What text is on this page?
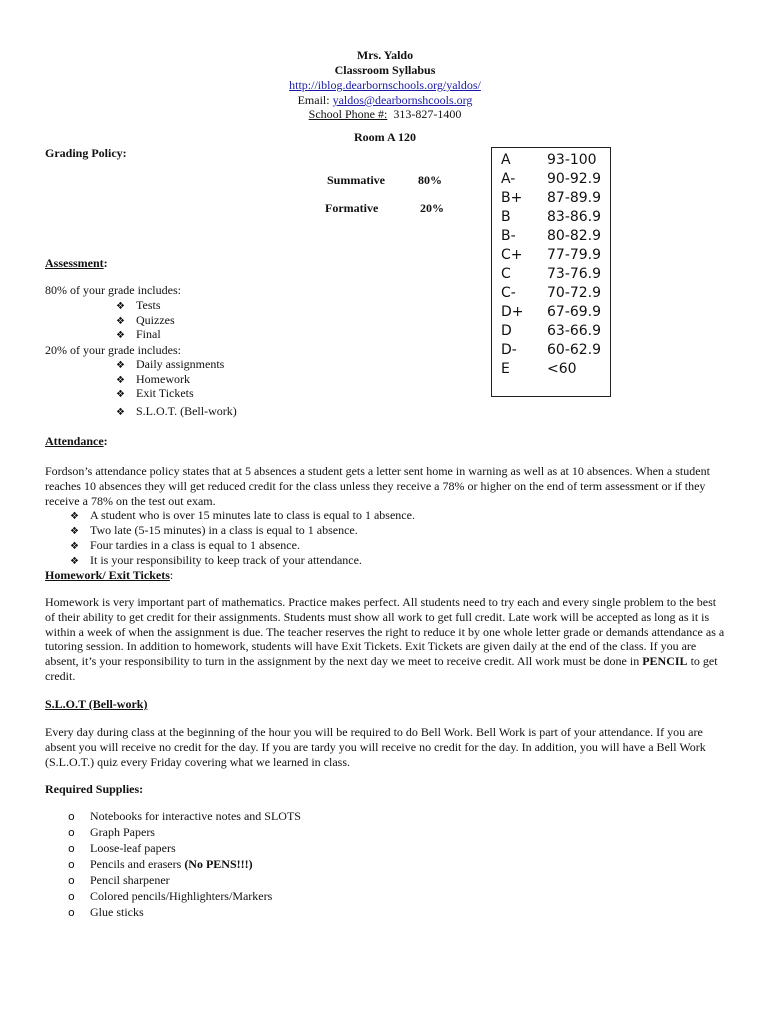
Mrs. Yaldo
Classroom Syllabus
http://iblog.dearbornschools.org/yaldos/
Email: yaldos@dearbornshcools.org
School Phone #: 313-827-1400
Room A 120
Grading Policy:
Summative	80%
Formative	20%
A	93-100
A- 90-92.9
B+ 87-89.9
B	83-86.9
B- 80-82.9
C+ 77-79.9
C	73-76.9
C- 70-72.9
D+ 67-69.9
D	63-66.9
D- 60-62.9
E	<60
Assessment:
80% of your grade includes:
❖ Tests
❖ Quizzes
❖ Final
20% of your grade includes:
❖ Daily assignments
❖ Homework
❖ Exit Tickets
❖ S.L.O.T. (Bell-work)
Attendance:
Fordson’s attendance policy states that at 5 absences a student gets a letter sent home in warning as well as at 10 absences. When a student reaches 10 absences they will get reduced credit for the class unless they receive a 78% or higher on the end of term assessment or if they receive a 78% on the test out exam.
❖ A student who is over 15 minutes late to class is equal to 1 absence.
❖ Two late (5-15 minutes) in a class is equal to 1 absence.
❖ Four tardies in a class is equal to 1 absence.
❖ It is your responsibility to keep track of your attendance.
Homework/ Exit Tickets:
Homework is very important part of mathematics. Practice makes perfect. All students need to try each and every single problem to the best of their ability to get credit for their assignments. Students must show all work to get full credit. Late work will be accepted as long as it is within a week of when the assignment is due. The teacher reserves the right to reduce it by one whole letter grade or demands attendance as a tutoring session. In addition to homework, students will have Exit Tickets. Exit Tickets are given daily at the end of the class. If you are absent, it’s your responsibility to turn in the assignment by the next day we meet to receive credit. All work must be done in PENCIL to get credit.
S.L.O.T (Bell-work)
Every day during class at the beginning of the hour you will be required to do Bell Work. Bell Work is part of your attendance. If you are absent you will receive no credit for the day. If you are tardy you will receive no credit for the day. In addition, you will have a Bell Work (S.L.O.T.) quiz every Friday covering what we learned in class.
Required Supplies:
o Notebooks for interactive notes and SLOTS
o Graph Papers
o Loose-leaf papers
o Pencils and erasers (No PENS!!!)
o Pencil sharpener
o Colored pencils/Highlighters/Markers
o Glue sticks
